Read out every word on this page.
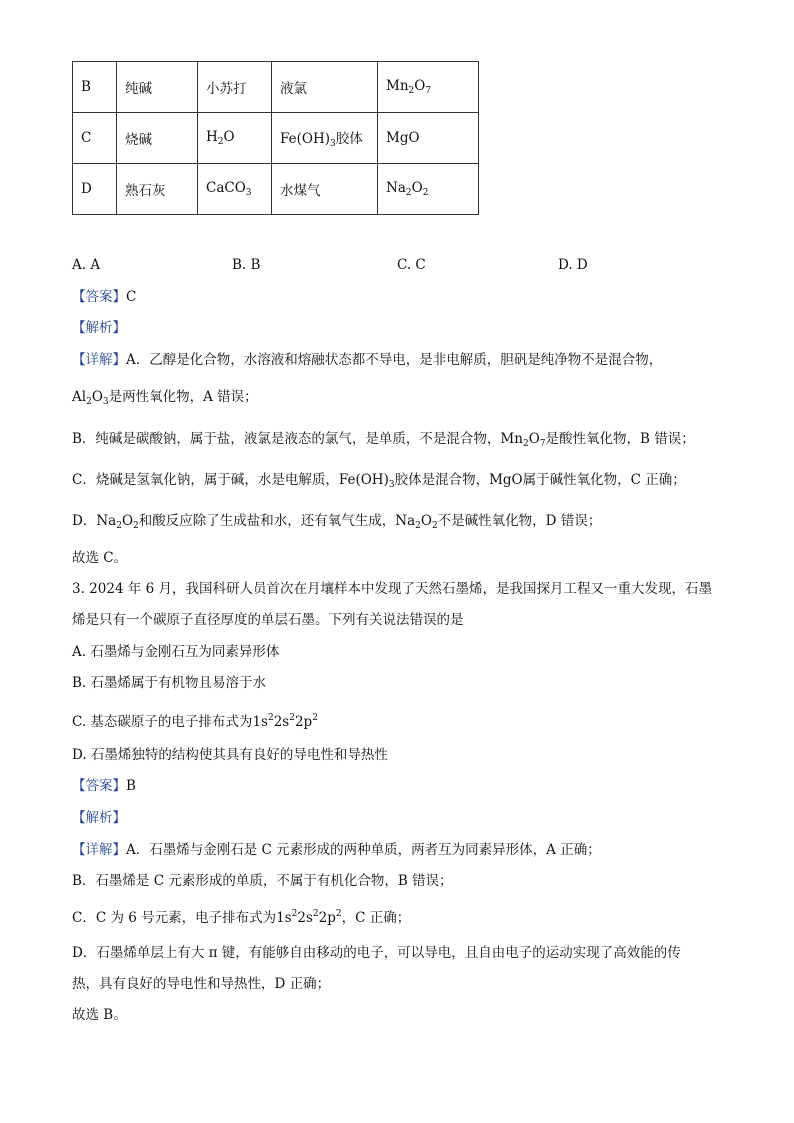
B	纯碱	小苏打	液氯	$Mn_2O_7$
C	烧碱	$H_2O$	$Fe(OH)_3$胶体	MgO
D	熟石灰	CaCO$_3$	水煤气	$Na_2O_2$
A. A	B. B	C. C	D. D
【答案】C
【解析】
【详解】A．乙醇是化合物，水溶液和熔融状态都不导电，是非电解质，胆矾是纯净物不是混合物，
$Al_2O_3$是两性氧化物，A 错误；
B．纯碱是碳酸钠，属于盐，液氯是液态的氯气，是单质，不是混合物，$Mn_2O_7$是酸性氧化物，B 错误；
C．烧碱是氢氧化钠，属于碱，水是电解质，$Fe(OH)_3$胶体是混合物，MgO属于碱性氧化物，C 正确；
D．$Na_2O_2$和酸反应除了生成盐和水，还有氧气生成，$Na_2O_2$不是碱性氧化物，D 错误；
故选 C。
3. 2024 年 6 月，我国科研人员首次在月壤样本中发现了天然石墨烯，是我国探月工程又一重大发现，石墨
烯是只有一个碳原子直径厚度的单层石墨。下列有关说法错误的是
A. 石墨烯与金刚石互为同素异形体
B. 石墨烯属于有机物且易溶于水
C. 基态碳原子的电子排布式为$1s^22s^22p^2$
D. 石墨烯独特的结构使其具有良好的导电性和导热性
【答案】B
【解析】
【详解】A．石墨烯与金刚石是 C 元素形成的两种单质，两者互为同素异形体，A 正确；
B．石墨烯是 C 元素形成的单质，不属于有机化合物，B 错误；
C．C 为 6 号元素，电子排布式为$1s^22s^22p^2$，C 正确；
D．石墨烯单层上有大 π 键，有能够自由移动的电子，可以导电，且自由电子的运动实现了高效能的传
热，具有良好的导电性和导热性，D 正确；
故选 B。
